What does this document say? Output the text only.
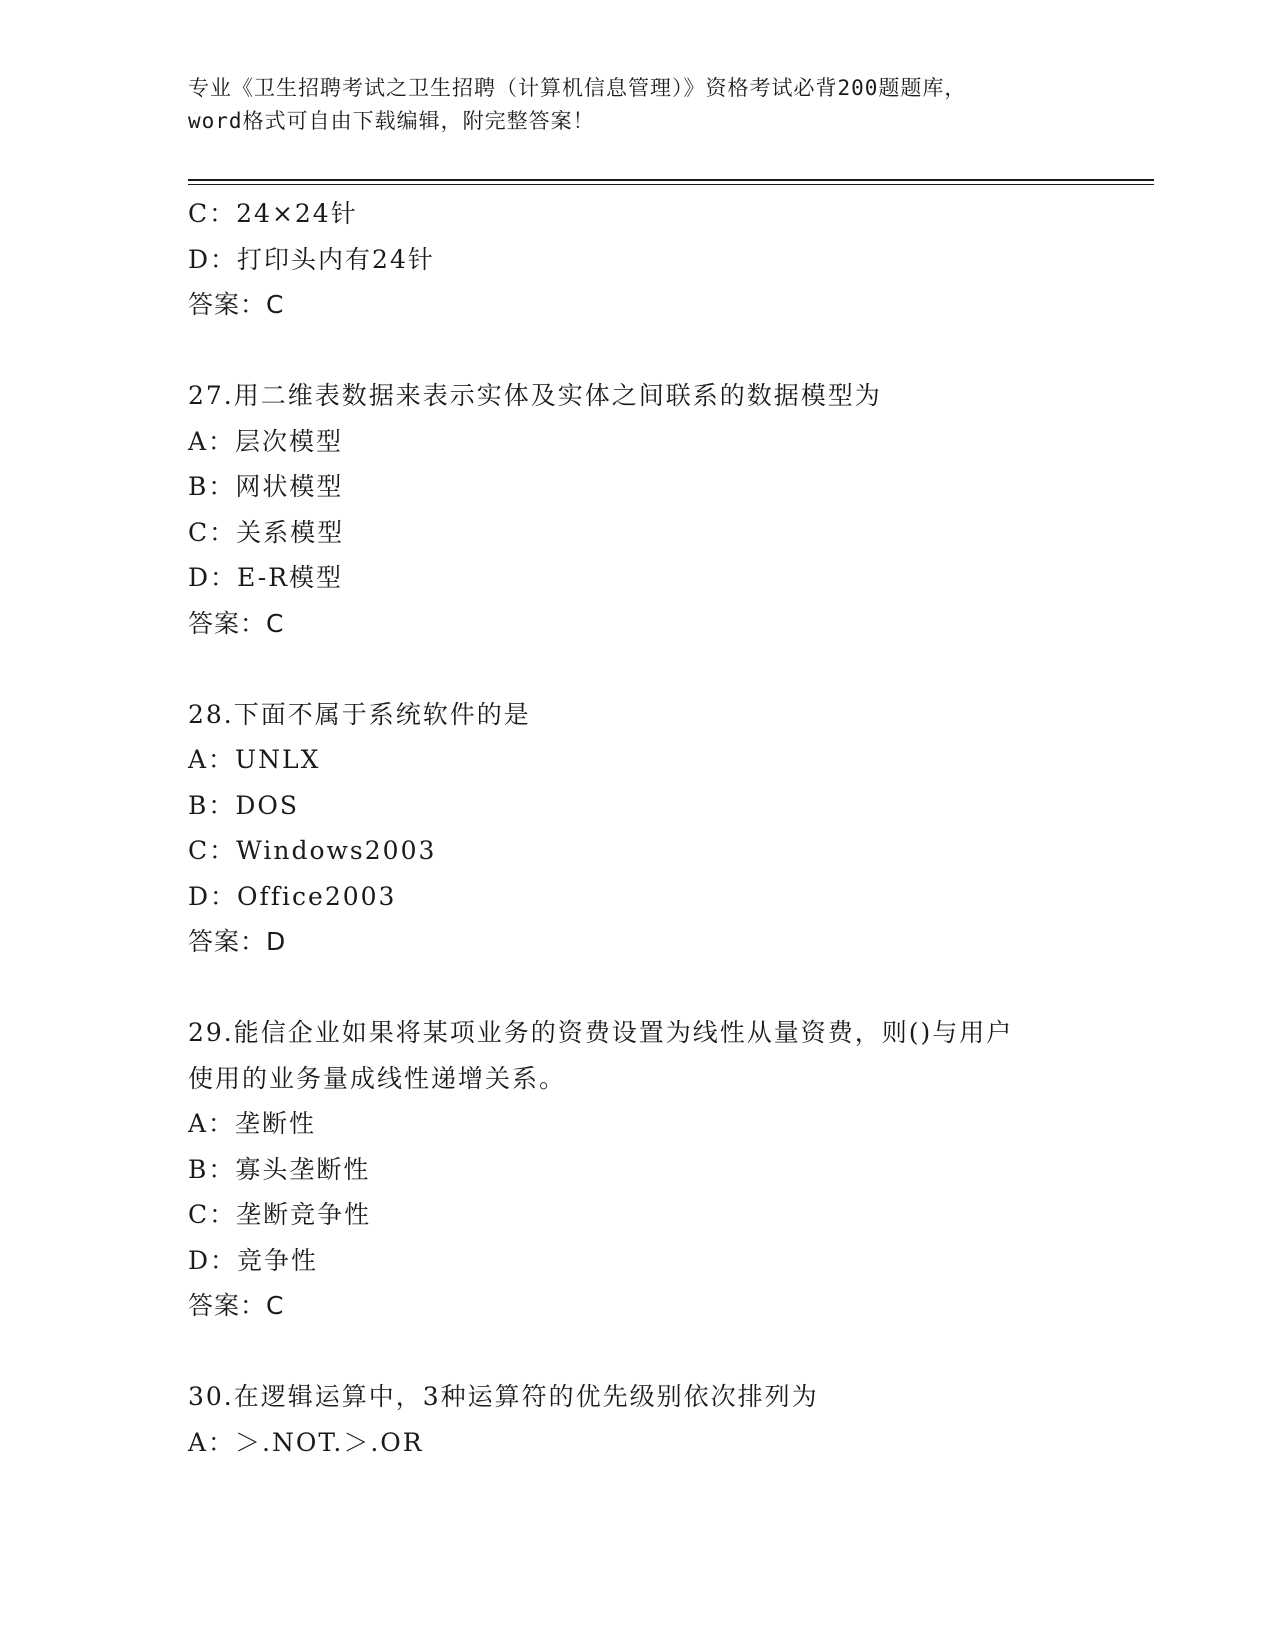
专业《卫生招聘考试之卫生招聘（计算机信息管理）》资格考试必背200题题库，
word格式可自由下载编辑，附完整答案！
C：24×24针
D：打印头内有24针
答案：C
27.用二维表数据来表示实体及实体之间联系的数据模型为
A：层次模型
B：网状模型
C：关系模型
D：E-R模型
答案：C
28.下面不属于系统软件的是
A：UNLX
B：DOS
C：Windows2003
D：Office2003
答案：D
29.能信企业如果将某项业务的资费设置为线性从量资费，则()与用户
使用的业务量成线性递增关系。
A：垄断性
B：寡头垄断性
C：垄断竞争性
D：竞争性
答案：C
30.在逻辑运算中，3种运算符的优先级别依次排列为
A：＞.NOT.＞.OR
